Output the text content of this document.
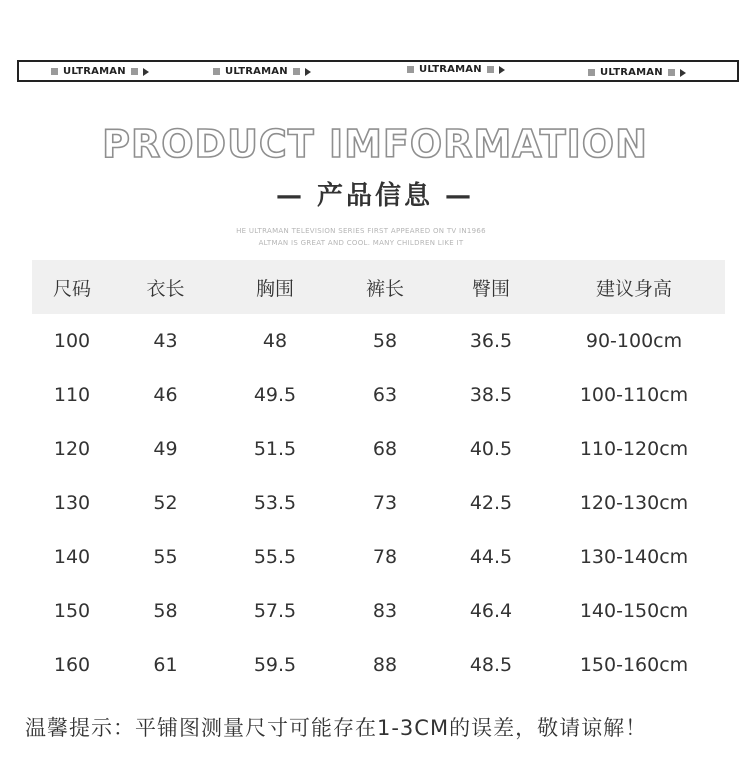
ULTRAMAN	ULTRAMAN	ULTRAMAN	ULTRAMAN
PRODUCT IMFORMATION
— 产品信息 —
HE ULTRAMAN TELEVISION SERIES FIRST APPEARED ON TV IN1966
ALTMAN IS GREAT AND COOL. MANY CHILDREN LIKE IT
尺码	衣长	胸围	裤长	臀围	建议身高
100	43	48	58	36.5	90-100cm
110	46	49.5	63	38.5	100-110cm
120	49	51.5	68	40.5	110-120cm
130	52	53.5	73	42.5	120-130cm
140	55	55.5	78	44.5	130-140cm
150	58	57.5	83	46.4	140-150cm
160	61	59.5	88	48.5	150-160cm
温馨提示：平铺图测量尺寸可能存在1-3CM的误差，敬请谅解！
